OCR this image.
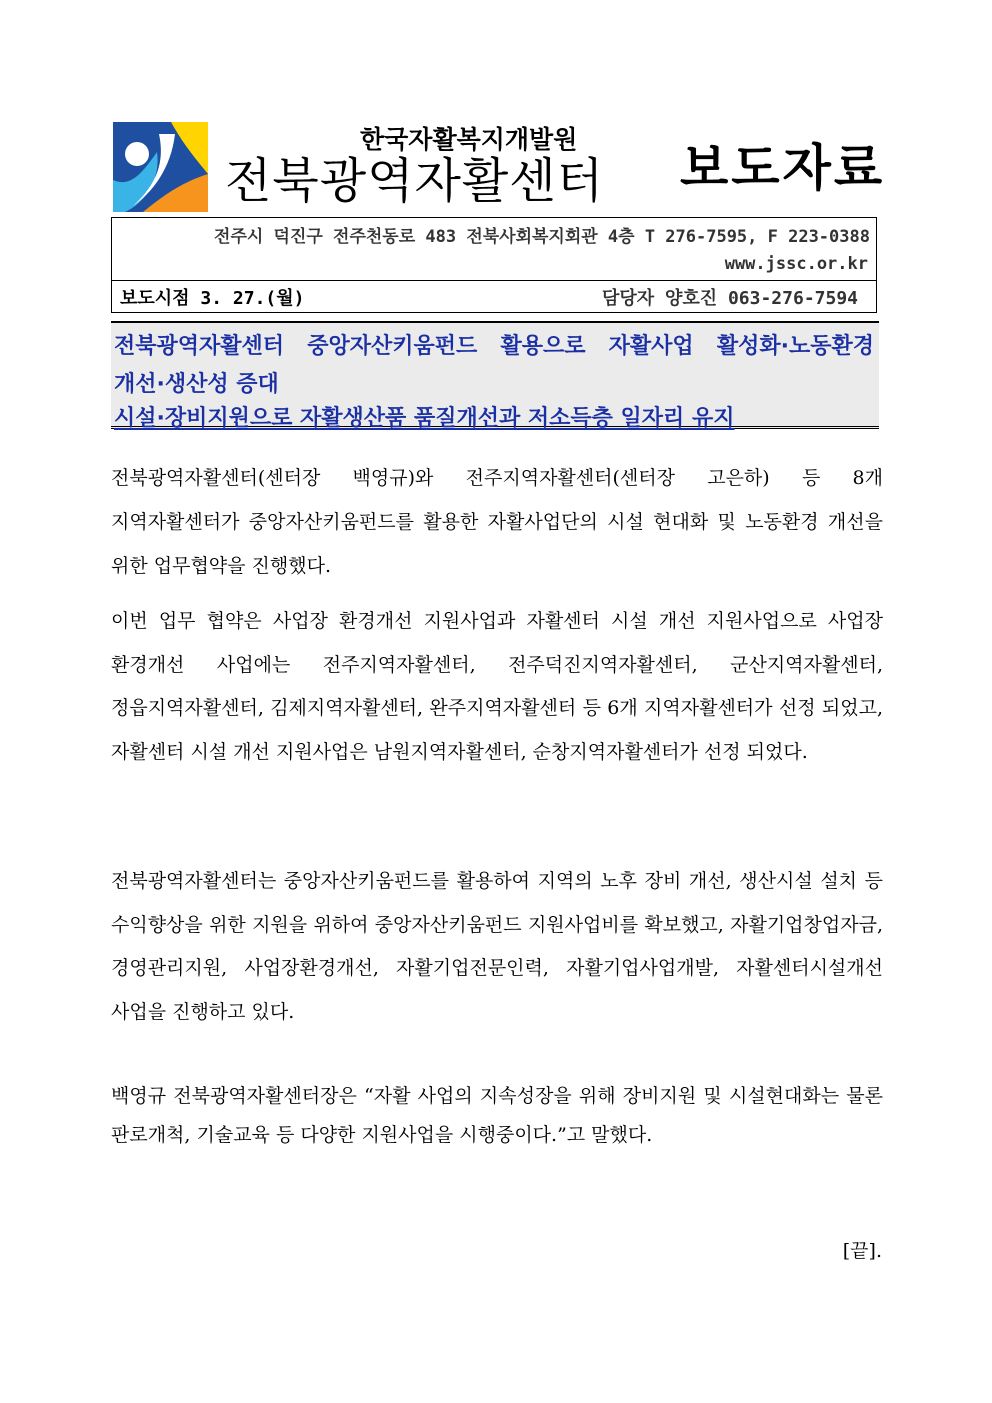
한국자활복지개발원
전북광역자활센터 보도자료
전주시 덕진구 전주천동로 483 전북사회복지회관 4층 T 276-7595, F 223-0388
www.jssc.or.kr
보도시점 3. 27.(월)	담당자 양호진 063-276-7594
전북광역자활센터 중앙자산키움펀드 활용으로 자활사업 활성화·노동환경
개선·생산성 증대
시설·장비지원으로 자활생산품 품질개선과 저소득층 일자리 유지
전북광역자활센터(센터장 백영규)와 전주지역자활센터(센터장 고은하) 등 8개 지역자활센터가 중앙자산키움펀드를 활용한 자활사업단의 시설 현대화 및 노동환경 개선을 위한 업무협약을 진행했다.
이번 업무 협약은 사업장 환경개선 지원사업과 자활센터 시설 개선 지원사업으로 사업장 환경개선 사업에는 전주지역자활센터, 전주덕진지역자활센터, 군산지역자활센터, 정읍지역자활센터, 김제지역자활센터, 완주지역자활센터 등 6개 지역자활센터가 선정 되었고, 자활센터 시설 개선 지원사업은 남원지역자활센터, 순창지역자활센터가 선정 되었다.
전북광역자활센터는 중앙자산키움펀드를 활용하여 지역의 노후 장비 개선, 생산시설 설치 등 수익향상을 위한 지원을 위하여 중앙자산키움펀드 지원사업비를 확보했고, 자활기업창업자금, 경영관리지원, 사업장환경개선, 자활기업전문인력, 자활기업사업개발, 자활센터시설개선 사업을 진행하고 있다.
백영규 전북광역자활센터장은 “자활 사업의 지속성장을 위해 장비지원 및 시설현대화는 물론 판로개척, 기술교육 등 다양한 지원사업을 시행중이다.”고 말했다.
[끝].
